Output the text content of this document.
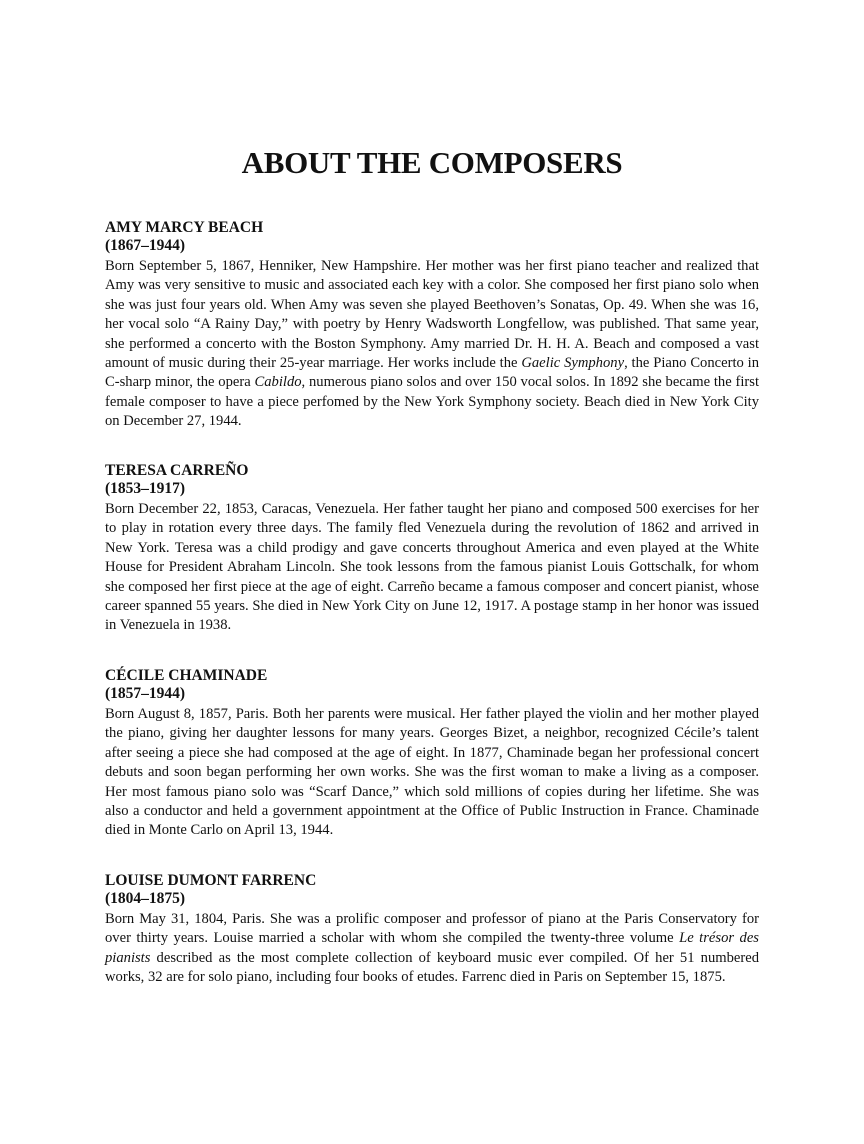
ABOUT THE COMPOSERS

AMY MARCY BEACH

(1867–1944)

Born September 5, 1867, Henniker, New Hampshire. Her mother was her first piano teacher and realized that Amy was very sensitive to music and associated each key with a color. She composed her first piano solo when she was just four years old. When Amy was seven she played Beethoven’s Sonatas, Op. 49. When she was 16, her vocal solo “A Rainy Day,” with poetry by Henry Wadsworth Longfellow, was published. That same year, she performed a concerto with the Boston Symphony. Amy married Dr. H. H. A. Beach and composed a vast amount of music during their 25-year marriage. Her works include the Gaelic Symphony, the Piano Concerto in C-sharp minor, the opera Cabildo, numerous piano solos and over 150 vocal solos. In 1892 she became the first female composer to have a piece perfomed by the New York Symphony society. Beach died in New York City on December 27, 1944.

TERESA CARREÑO

(1853–1917)

Born December 22, 1853, Caracas, Venezuela. Her father taught her piano and composed 500 exercises for her to play in rotation every three days. The family fled Venezuela during the revolution of 1862 and arrived in New York. Teresa was a child prodigy and gave concerts throughout America and even played at the White House for President Abraham Lincoln. She took lessons from the famous pianist Louis Gottschalk, for whom she composed her first piece at the age of eight. Carreño became a famous composer and concert pianist, whose career spanned 55 years. She died in New York City on June 12, 1917. A postage stamp in her honor was issued in Venezuela in 1938.

CÉCILE CHAMINADE

(1857–1944)

Born August 8, 1857, Paris. Both her parents were musical. Her father played the violin and her mother played the piano, giving her daughter lessons for many years. Georges Bizet, a neighbor, recognized Cécile’s talent after seeing a piece she had composed at the age of eight. In 1877, Chaminade began her professional concert debuts and soon began performing her own works. She was the first woman to make a living as a composer. Her most famous piano solo was “Scarf Dance,” which sold millions of copies during her lifetime. She was also a conductor and held a government appointment at the Office of Public Instruction in France. Chaminade died in Monte Carlo on April 13, 1944.

LOUISE DUMONT FARRENC

(1804–1875)

Born May 31, 1804, Paris. She was a prolific composer and professor of piano at the Paris Conservatory for over thirty years. Louise married a scholar with whom she compiled the twenty-three volume Le trésor des pianists described as the most complete collection of keyboard music ever compiled. Of her 51 numbered works, 32 are for solo piano, including four books of etudes. Farrenc died in Paris on September 15, 1875.
